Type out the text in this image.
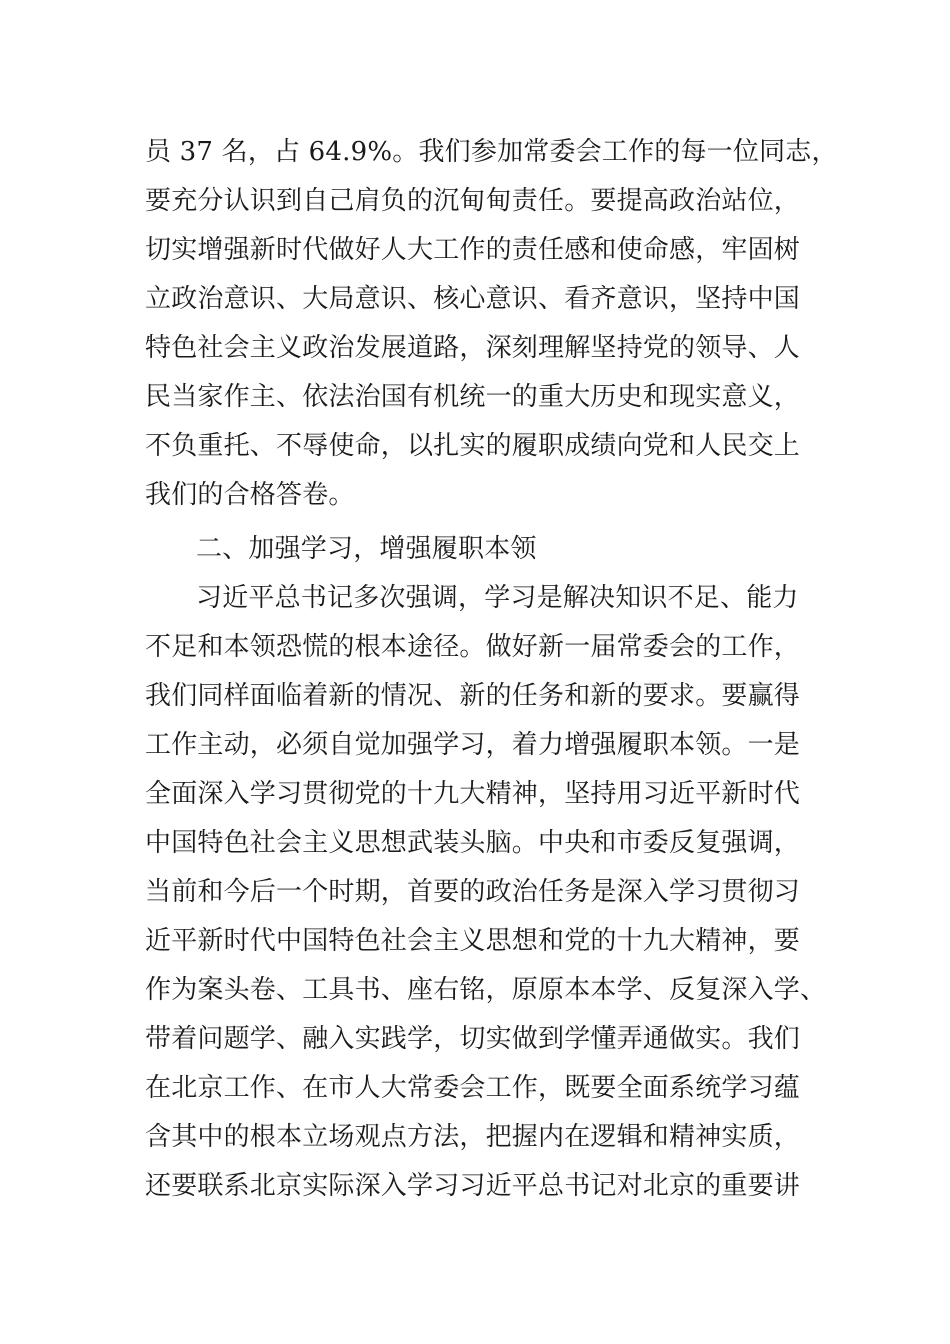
员 37 名，占 64.9%。我们参加常委会工作的每一位同志，
要充分认识到自己肩负的沉甸甸责任。要提高政治站位，
切实增强新时代做好人大工作的责任感和使命感，牢固树
立政治意识、大局意识、核心意识、看齐意识，坚持中国
特色社会主义政治发展道路，深刻理解坚持党的领导、人
民当家作主、依法治国有机统一的重大历史和现实意义，
不负重托、不辱使命，以扎实的履职成绩向党和人民交上
我们的合格答卷。
二、加强学习，增强履职本领
习近平总书记多次强调，学习是解决知识不足、能力
不足和本领恐慌的根本途径。做好新一届常委会的工作，
我们同样面临着新的情况、新的任务和新的要求。要赢得
工作主动，必须自觉加强学习，着力增强履职本领。一是
全面深入学习贯彻党的十九大精神，坚持用习近平新时代
中国特色社会主义思想武装头脑。中央和市委反复强调，
当前和今后一个时期，首要的政治任务是深入学习贯彻习
近平新时代中国特色社会主义思想和党的十九大精神，要
作为案头卷、工具书、座右铭，原原本本学、反复深入学、
带着问题学、融入实践学，切实做到学懂弄通做实。我们
在北京工作、在市人大常委会工作，既要全面系统学习蕴
含其中的根本立场观点方法，把握内在逻辑和精神实质，
还要联系北京实际深入学习习近平总书记对北京的重要讲
